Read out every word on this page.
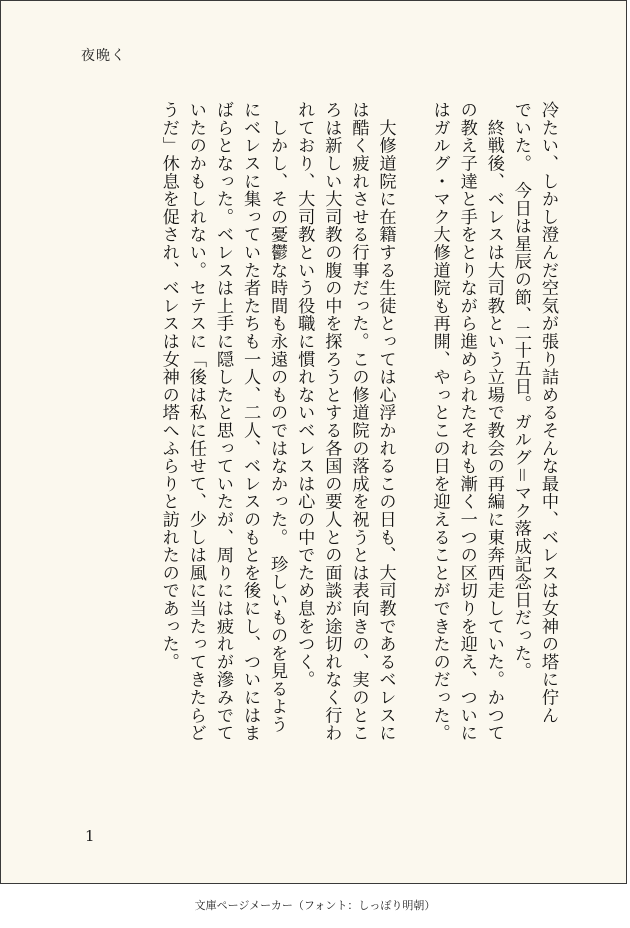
夜晩く

冷たい、しかし澄んだ空気が張り詰めるそんな最中、ベレスは女神の塔に佇ん
でいた。　今日は星辰の節、二十五日。ガルグ＝マク落成記念日だった。
　終戦後、ベレスは大司教という立場で教会の再編に東奔西走していた。かつて
の教え子達と手をとりながら進められたそれも漸く一つの区切りを迎え、ついに
はガルグ・マク大修道院も再開、やっとこの日を迎えることができたのだった。

　大修道院に在籍する生徒とっては心浮かれるこの日も、大司教であるベレスに
は酷く疲れさせる行事だった。この修道院の落成を祝うとは表向きの、実のとこ
ろは新しい大司教の腹の中を探ろうとする各国の要人との面談が途切れなく行わ
れており、大司教という役職に慣れないベレスは心の中でため息をつく。
　しかし、その憂鬱な時間も永遠のものではなかった。　珍しいものを見るよう
にベレスに集っていた者たちも一人、二人、ベレスのもとを後にし、ついにはま
ばらとなった。ベレスは上手に隠したと思っていたが、周りには疲れが滲みでて
いたのかもしれない。セテスに「後は私に任せて、少しは風に当たってきたらど
うだ」休息を促され、ベレスは女神の塔へふらりと訪れたのであった。

1
文庫ページメーカー（フォント：しっぽり明朝）
